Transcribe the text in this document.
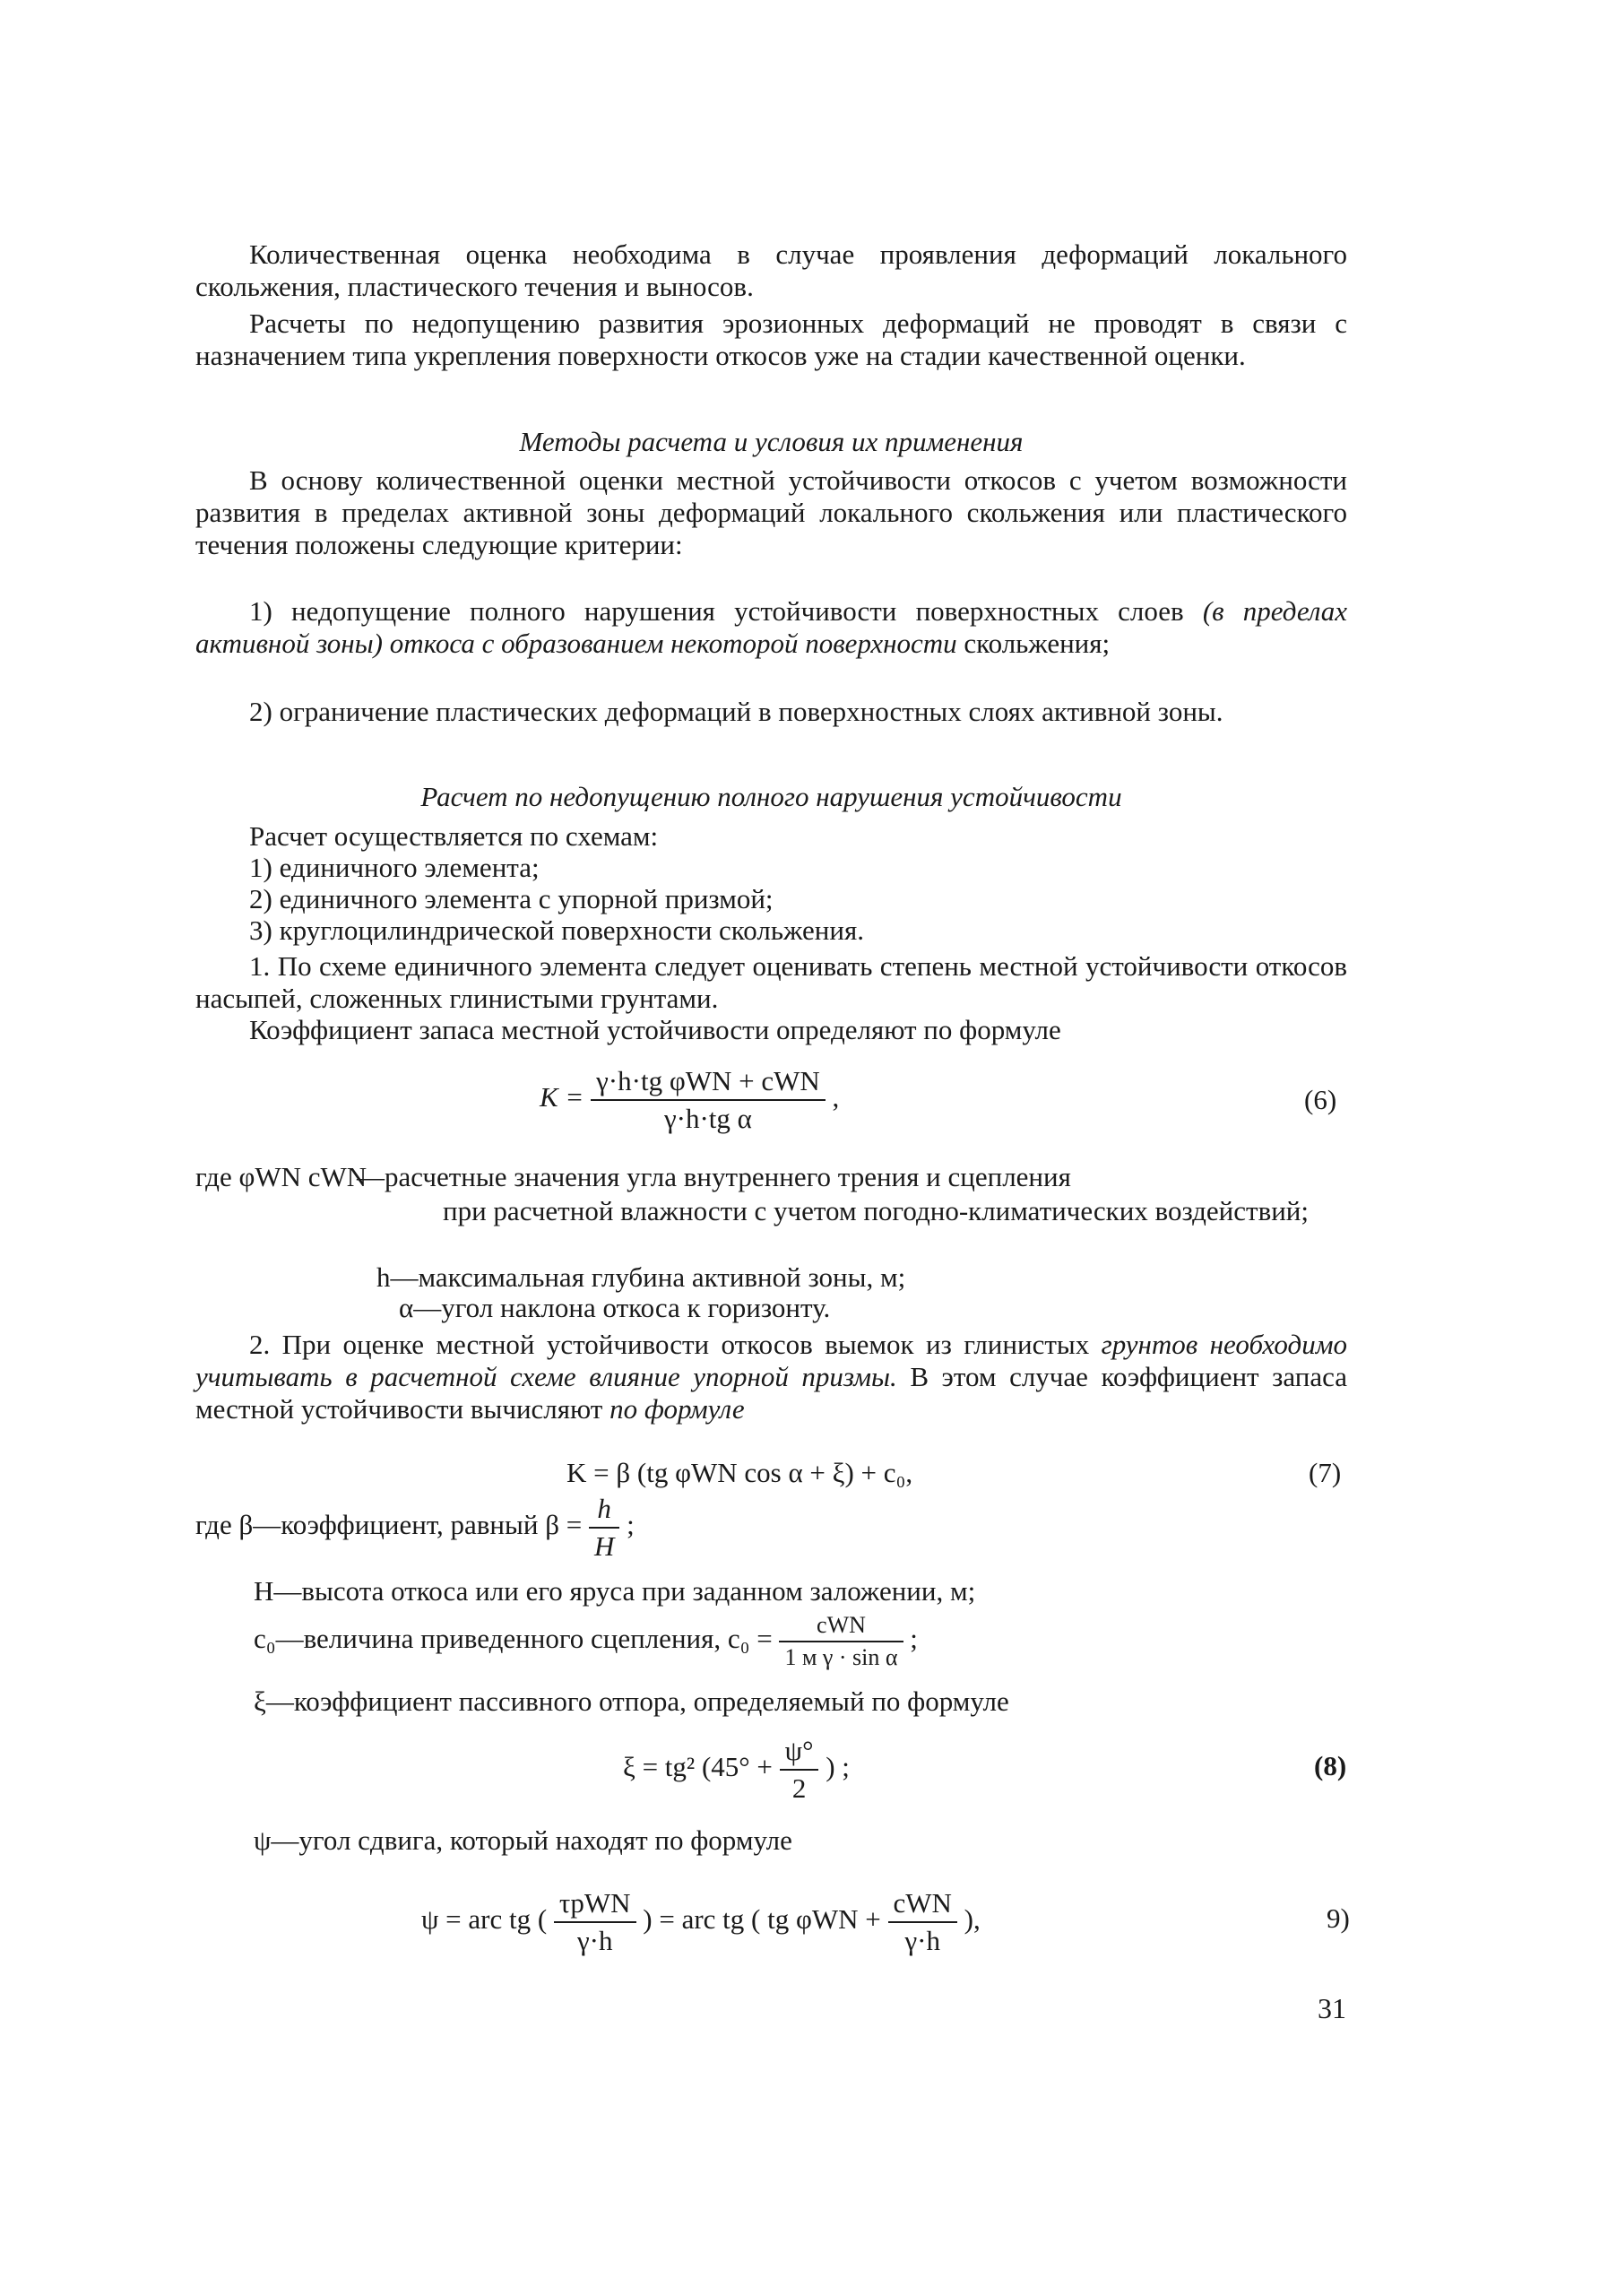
Количественная оценка необходима в случае проявления деформаций локального скольжения, пластического течения и выносов.
Расчеты по недопущению развития эрозионных деформаций не проводят в связи с назначением типа укрепления поверхности откосов уже на стадии качественной оценки.
Методы расчета и условия их применения
В основу количественной оценки местной устойчивости откосов с учетом возможности развития в пределах активной зоны деформаций локального скольжения или пластического течения положены следующие критерии:
1) недопущение полного нарушения устойчивости поверхностных слоев (в пределах активной зоны) откоса с образованием некоторой поверхности скольжения;
2) ограничение пластических деформаций в поверхностных слоях активной зоны.
Расчет по недопущению полного нарушения устойчивости
Расчет осуществляется по схемам:
1) единичного элемента;
2) единичного элемента с упорной призмой;
3) круглоцилиндрической поверхности скольжения.
1. По схеме единичного элемента следует оценивать степень местной устойчивости откосов насыпей, сложенных глинистыми грунтами.
Коэффициент запаса местной устойчивости определяют по формуле
$K = \frac{\text{γ·h·tg φWN + cWN}}{\text{γ·h·tg α}}$ ,	(6)
где φWN cWN
—расчетные значения угла внутреннего трения и сцепления
при расчетной влажности с учетом погодно-климатических воздействий;
h—максимальная глубина активной зоны, м;
α—угол наклона откоса к горизонту.
2. При оценке местной устойчивости откосов выемок из глинистых грунтов необходимо учитывать в расчетной схеме влияние упорной призмы. В этом случае коэффициент запаса местной устойчивости вычисляют по формуле
K = β (tg φWN cos α + ξ) + c₀,	(7)
где β—коэффициент, равный $\beta = \frac{h}{H}$ ;
H—высота откоса или его яруса при заданном заложении, м;
c₀—величина приведенного сцепления, $c_0 = \frac{\text{cWN}}{\text{1 м γ · sin α}}$ ;
ξ—коэффициент пассивного отпора, определяемый по формуле
ξ = tg² ($45^\circ + \frac{\psi^\circ}{2}$ ) ;	(8)
ψ—угол сдвига, который находят по формуле
ψ = arc tg ( $\frac{\text{τpWN}}{\gamma\cdot h}$ ) = arc tg ( tg $\varphi WN + \frac{\text{cWN}}{\gamma\cdot h}$ ),	9)
31
